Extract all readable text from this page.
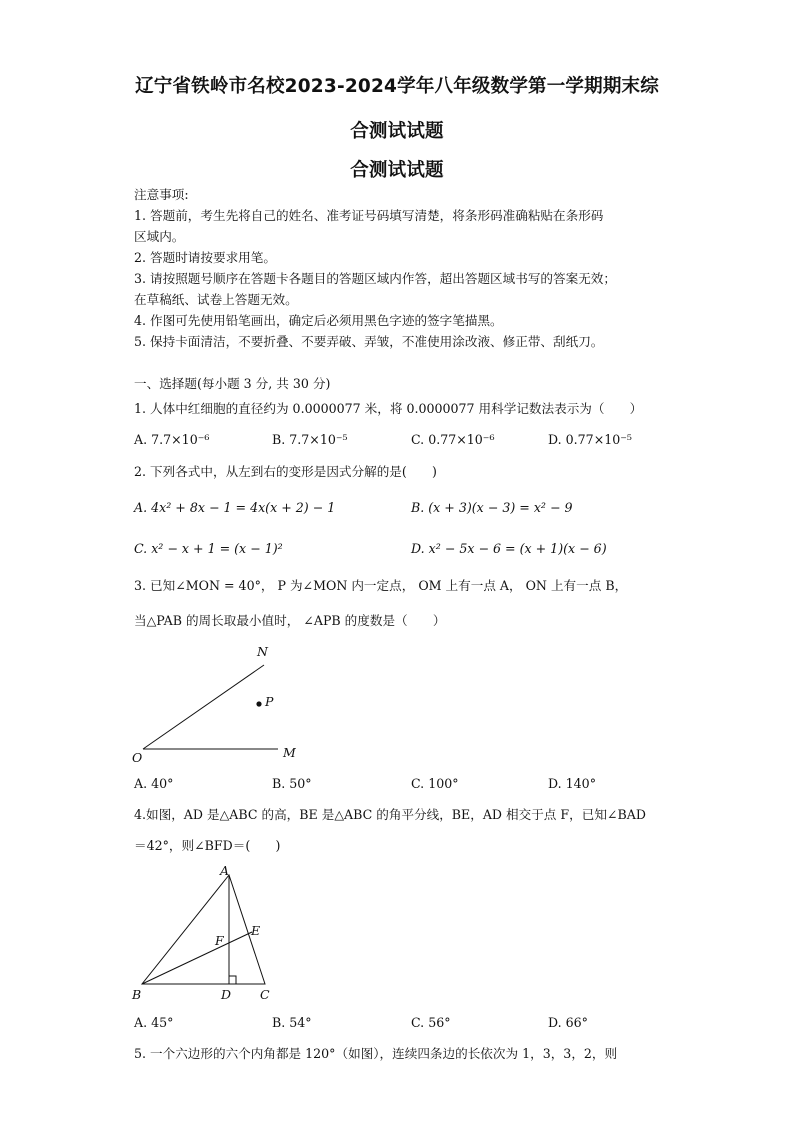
辽宁省铁岭市名校2023-2024学年八年级数学第一学期期末综
合测试试题
合测试试题
注意事项:
1. 答题前，考生先将自己的姓名、准考证号码填写清楚，将条形码准确粘贴在条形码
区域内。
2. 答题时请按要求用笔。
3. 请按照题号顺序在答题卡各题目的答题区域内作答，超出答题区域书写的答案无效；
在草稿纸、试卷上答题无效。
4. 作图可先使用铅笔画出，确定后必须用黑色字迹的签字笔描黑。
5. 保持卡面清洁，不要折叠、不要弄破、弄皱，不准使用涂改液、修正带、刮纸刀。
一、选择题(每小题 3 分, 共 30 分)
1. 人体中红细胞的直径约为 0.0000077 米，将 0.0000077 用科学记数法表示为（　　）
A. 7.7×10⁻⁶	B. 7.7×10⁻⁵	C. 0.77×10⁻⁶	D. 0.77×10⁻⁵
2. 下列各式中，从左到右的变形是因式分解的是(　　)
A. 4x² + 8x − 1 = 4x(x + 2) − 1	B. (x + 3)(x − 3) = x² − 9
C. x² − x + 1 = (x − 1)²	D. x² − 5x − 6 = (x + 1)(x − 6)
3. 已知∠MON = 40°， P 为∠MON 内一定点， OM 上有一点 A， ON 上有一点 B，
当△PAB 的周长取最小值时， ∠APB 的度数是（　　）
N
P
O	M
A. 40°	B. 50°	C. 100°	D. 140°
4.如图，AD 是△ABC 的高，BE 是△ABC 的角平分线，BE，AD 相交于点 F，已知∠BAD
＝42°，则∠BFD＝(　　)
A
E
F
B	D C
A. 45°	B. 54°	C. 56°	D. 66°
5. 一个六边形的六个内角都是 120°（如图），连续四条边的长依次为 1，3，3，2，则
